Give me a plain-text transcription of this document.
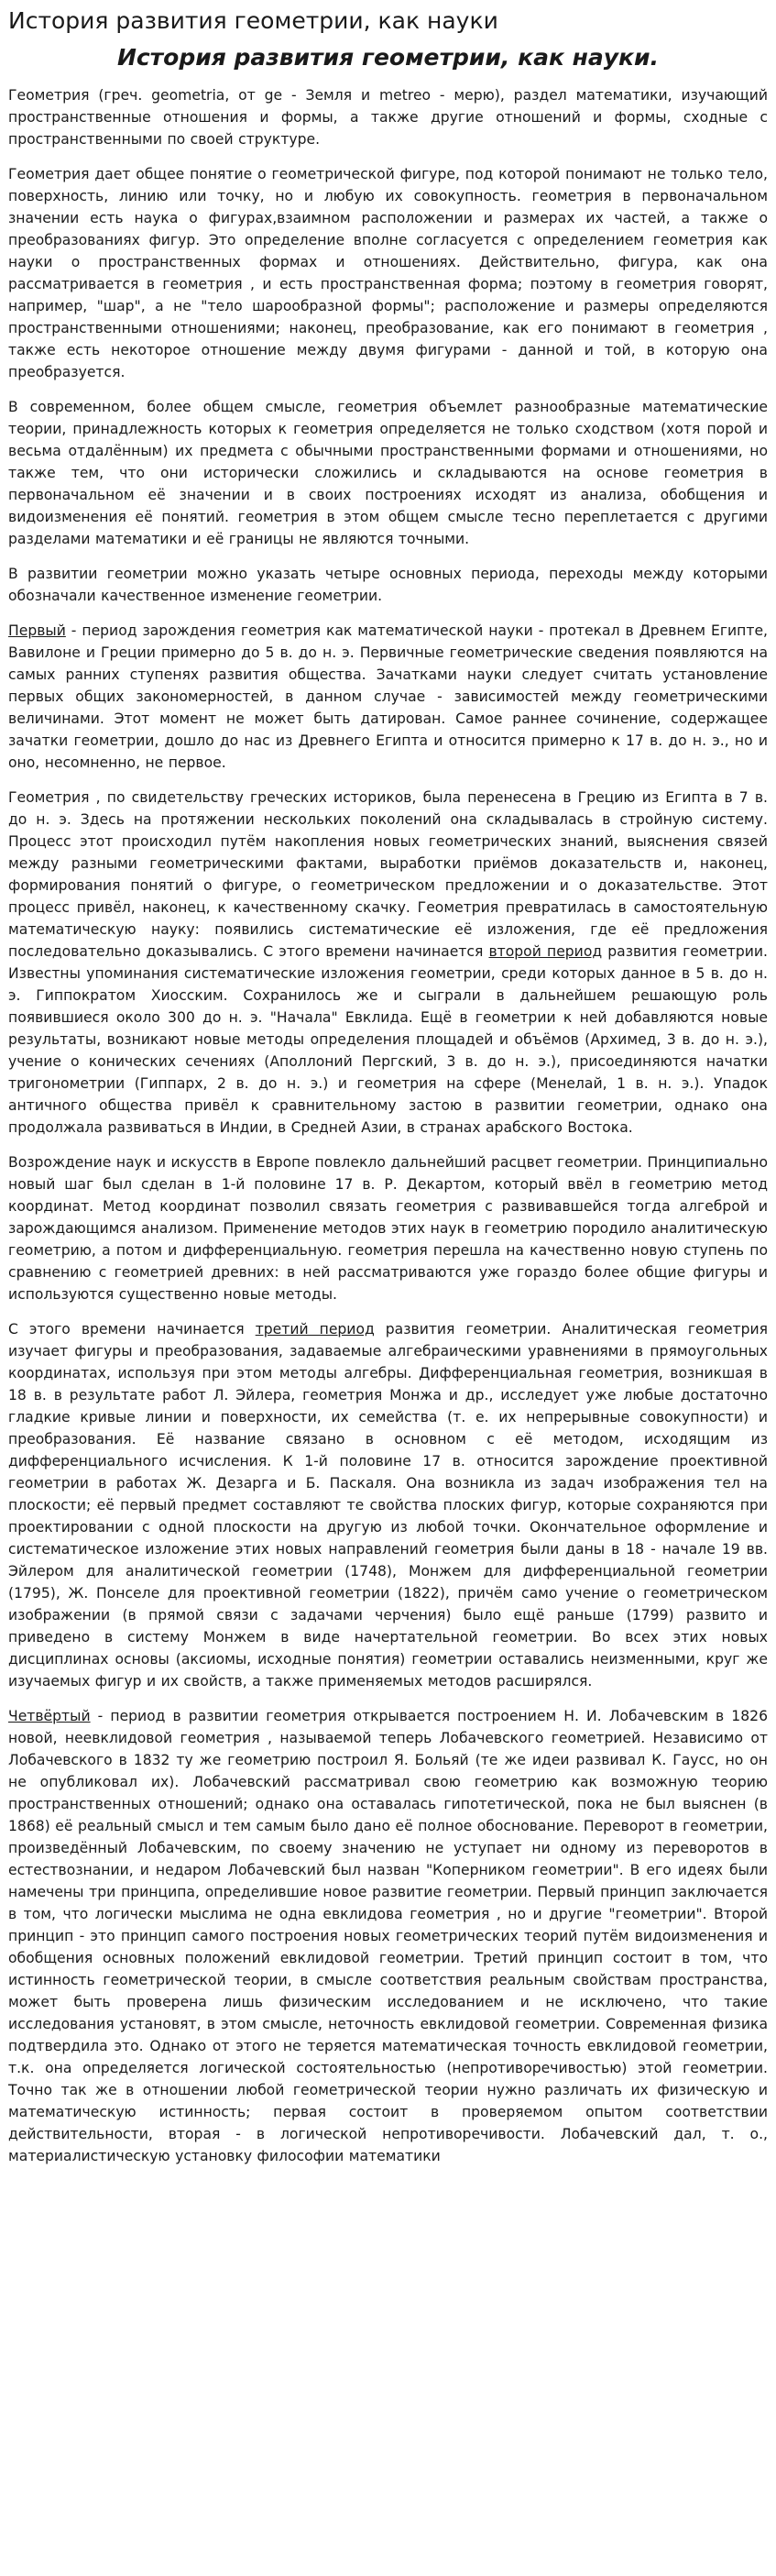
История развития геометрии, как науки
История развития геометрии, как науки.

Геометрия (греч. geometria, от ge - Земля и metreo - мерю), раздел математики, изучающий пространственные отношения и формы, а также другие отношений и формы, сходные с пространственными по своей структуре.

Геометрия дает общее понятие о геометрической фигуре, под которой понимают не только тело, поверхность, линию или точку, но и любую их совокупность. геометрия в первоначальном значении есть наука о фигурах,взаимном расположении и размерах их частей, а также о преобразованиях фигур. Это определение вполне согласуется с определением геометрия как науки о пространственных формах и отношениях. Действительно, фигура, как она рассматривается в геометрия , и есть пространственная форма; поэтому в геометрия говорят, например, "шар", а не "тело шарообразной формы"; расположение и размеры определяются пространственными отношениями; наконец, преобразование, как его понимают в геометрия , также есть некоторое отношение между двумя фигурами - данной и той, в которую она преобразуется.

В современном, более общем смысле, геометрия объемлет разнообразные математические теории, принадлежность которых к геометрия определяется не только сходством (хотя порой и весьма отдалённым) их предмета с обычными пространственными формами и отношениями, но также тем, что они исторически сложились и складываются на основе геометрия в первоначальном её значении и в своих построениях исходят из анализа, обобщения и видоизменения её понятий. геометрия в этом общем смысле тесно переплетается с другими разделами математики и её границы не являются точными.

В развитии геометрии можно указать четыре основных периода, переходы между которыми обозначали качественное изменение геометрии.

Первый - период зарождения геометрия как математической науки - протекал в Древнем Египте, Вавилоне и Греции примерно до 5 в. до н. э. Первичные геометрические сведения появляются на самых ранних ступенях развития общества. Зачатками науки следует считать установление первых общих закономерностей, в данном случае - зависимостей между геометрическими величинами. Этот момент не может быть датирован. Самое раннее сочинение, содержащее зачатки геометрии, дошло до нас из Древнего Египта и относится примерно к 17 в. до н. э., но и оно, несомненно, не первое.

Геометрия , по свидетельству греческих историков, была перенесена в Грецию из Египта в 7 в. до н. э. Здесь на протяжении нескольких поколений она складывалась в стройную систему. Процесс этот происходил путём накопления новых геометрических знаний, выяснения связей между разными геометрическими фактами, выработки приёмов доказательств и, наконец, формирования понятий о фигуре, о геометрическом предложении и о доказательстве. Этот процесс привёл, наконец, к качественному скачку. Геометрия превратилась в самостоятельную математическую науку: появились систематические её изложения, где её предложения последовательно доказывались. С этого времени начинается второй период развития геометрии. Известны упоминания систематические изложения геометрии, среди которых данное в 5 в. до н. э. Гиппократом Хиосским. Сохранилось же и сыграли в дальнейшем решающую роль появившиеся около 300 до н. э. "Начала" Евклида. Ещё в геометрии к ней добавляются новые результаты, возникают новые методы определения площадей и объёмов (Архимед, 3 в. до н. э.), учение о конических сечениях (Аполлоний Пергский, 3 в. до н. э.), присоединяются начатки тригонометрии (Гиппарх, 2 в. до н. э.) и геометрия на сфере (Менелай, 1 в. н. э.). Упадок античного общества привёл к сравнительному застою в развитии геометрии, однако она продолжала развиваться в Индии, в Средней Азии, в странах арабского Востока.

Возрождение наук и искусств в Европе повлекло дальнейший расцвет геометрии. Принципиально новый шаг был сделан в 1-й половине 17 в. Р. Декартом, который ввёл в геометрию метод координат. Метод координат позволил связать геометрия с развивавшейся тогда алгеброй и зарождающимся анализом. Применение методов этих наук в геометрию породило аналитическую геометрию, а потом и дифференциальную. геометрия перешла на качественно новую ступень по сравнению с геометрией древних: в ней рассматриваются уже гораздо более общие фигуры и используются существенно новые методы.

С этого времени начинается третий период развития геометрии. Аналитическая геометрия изучает фигуры и преобразования, задаваемые алгебраическими уравнениями в прямоугольных координатах, используя при этом методы алгебры. Дифференциальная геометрия, возникшая в 18 в. в результате работ Л. Эйлера, геометрия Монжа и др., исследует уже любые достаточно гладкие кривые линии и поверхности, их семейства (т. е. их непрерывные совокупности) и преобразования. Её название связано в основном с её методом, исходящим из дифференциального исчисления. К 1-й половине 17 в. относится зарождение проективной геометрии в работах Ж. Дезарга и Б. Паскаля. Она возникла из задач изображения тел на плоскости; её первый предмет составляют те свойства плоских фигур, которые сохраняются при проектировании с одной плоскости на другую из любой точки. Окончательное оформление и систематическое изложение этих новых направлений геометрия были даны в 18 - начале 19 вв. Эйлером для аналитической геометрии (1748), Монжем для дифференциальной геометрии (1795), Ж. Понселе для проективной геометрии (1822), причём само учение о геометрическом изображении (в прямой связи с задачами черчения) было ещё раньше (1799) развито и приведено в систему Монжем в виде начертательной геометрии. Во всех этих новых дисциплинах основы (аксиомы, исходные понятия) геометрии оставались неизменными, круг же изучаемых фигур и их свойств, а также применяемых методов расширялся.

Четвёртый - период в развитии геометрия открывается построением Н. И. Лобачевским в 1826 новой, неевклидовой геометрия , называемой теперь Лобачевского геометрией. Независимо от Лобачевского в 1832 ту же геометрию построил Я. Больяй (те же идеи развивал К. Гаусс, но он не опубликовал их). Лобачевский рассматривал свою геометрию как возможную теорию пространственных отношений; однако она оставалась гипотетической, пока не был выяснен (в 1868) её реальный смысл и тем самым было дано её полное обоснование. Переворот в геометрии, произведённый Лобачевским, по своему значению не уступает ни одному из переворотов в естествознании, и недаром Лобачевский был назван "Коперником геометрии". В его идеях были намечены три принципа, определившие новое развитие геометрии. Первый принцип заключается в том, что логически мыслима не одна евклидова геометрия , но и другие "геометрии". Второй принцип - это принцип самого построения новых геометрических теорий путём видоизменения и обобщения основных положений евклидовой геометрии. Третий принцип состоит в том, что истинность геометрической теории, в смысле соответствия реальным свойствам пространства, может быть проверена лишь физическим исследованием и не исключено, что такие исследования установят, в этом смысле, неточность евклидовой геометрии. Современная физика подтвердила это. Однако от этого не теряется математическая точность евклидовой геометрии, т.к. она определяется логической состоятельностью (непротиворечивостью) этой геометрии. Точно так же в отношении любой геометрической теории нужно различать их физическую и математическую истинность; первая состоит в проверяемом опытом соответствии действительности, вторая - в логической непротиворечивости. Лобачевский дал, т. о., материалистическую установку философии математики
